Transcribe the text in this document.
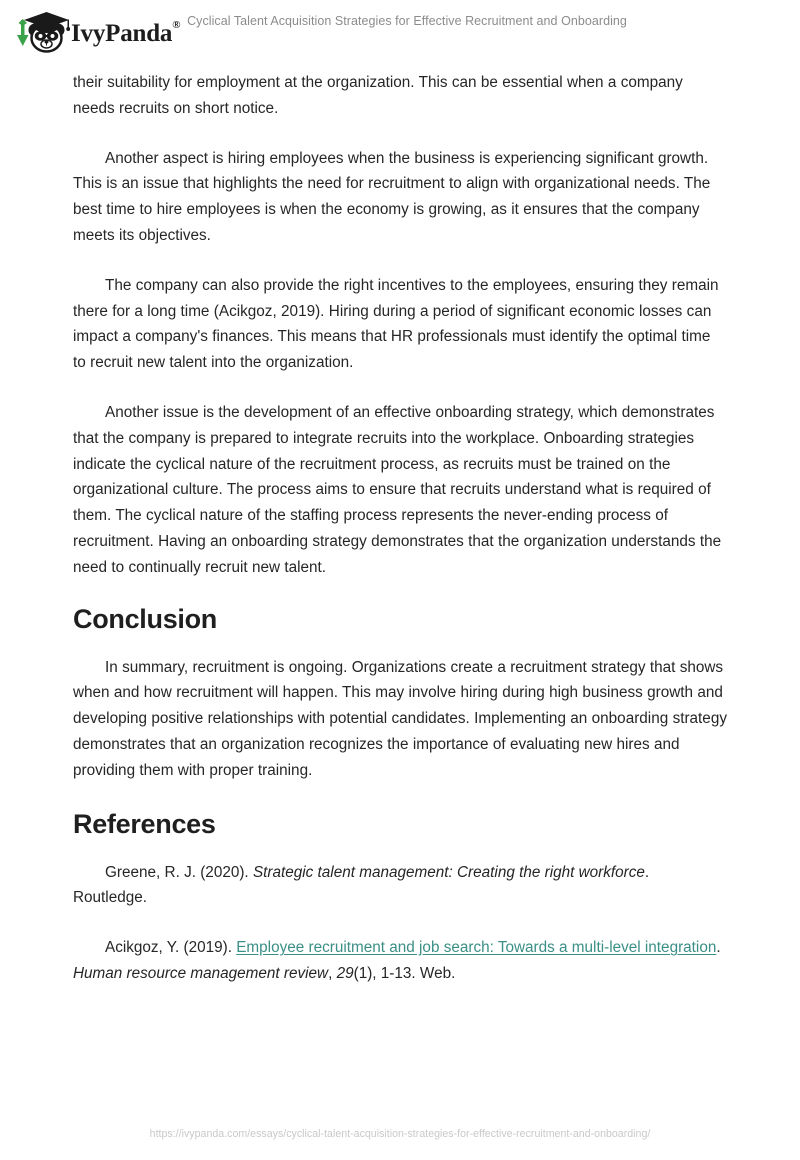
IvyPanda® Cyclical Talent Acquisition Strategies for Effective Recruitment and Onboarding

their suitability for employment at the organization. This can be essential when a company needs recruits on short notice.

Another aspect is hiring employees when the business is experiencing significant growth. This is an issue that highlights the need for recruitment to align with organizational needs. The best time to hire employees is when the economy is growing, as it ensures that the company meets its objectives.

The company can also provide the right incentives to the employees, ensuring they remain there for a long time (Acikgoz, 2019). Hiring during a period of significant economic losses can impact a company's finances. This means that HR professionals must identify the optimal time to recruit new talent into the organization.

Another issue is the development of an effective onboarding strategy, which demonstrates that the company is prepared to integrate recruits into the workplace. Onboarding strategies indicate the cyclical nature of the recruitment process, as recruits must be trained on the organizational culture. The process aims to ensure that recruits understand what is required of them. The cyclical nature of the staffing process represents the never-ending process of recruitment. Having an onboarding strategy demonstrates that the organization understands the need to continually recruit new talent.

Conclusion

In summary, recruitment is ongoing. Organizations create a recruitment strategy that shows when and how recruitment will happen. This may involve hiring during high business growth and developing positive relationships with potential candidates. Implementing an onboarding strategy demonstrates that an organization recognizes the importance of evaluating new hires and providing them with proper training.

References

Greene, R. J. (2020). Strategic talent management: Creating the right workforce. Routledge.

Acikgoz, Y. (2019). Employee recruitment and job search: Towards a multi-level integration. Human resource management review, 29(1), 1-13. Web.

https://ivypanda.com/essays/cyclical-talent-acquisition-strategies-for-effective-recruitment-and-onboarding/
